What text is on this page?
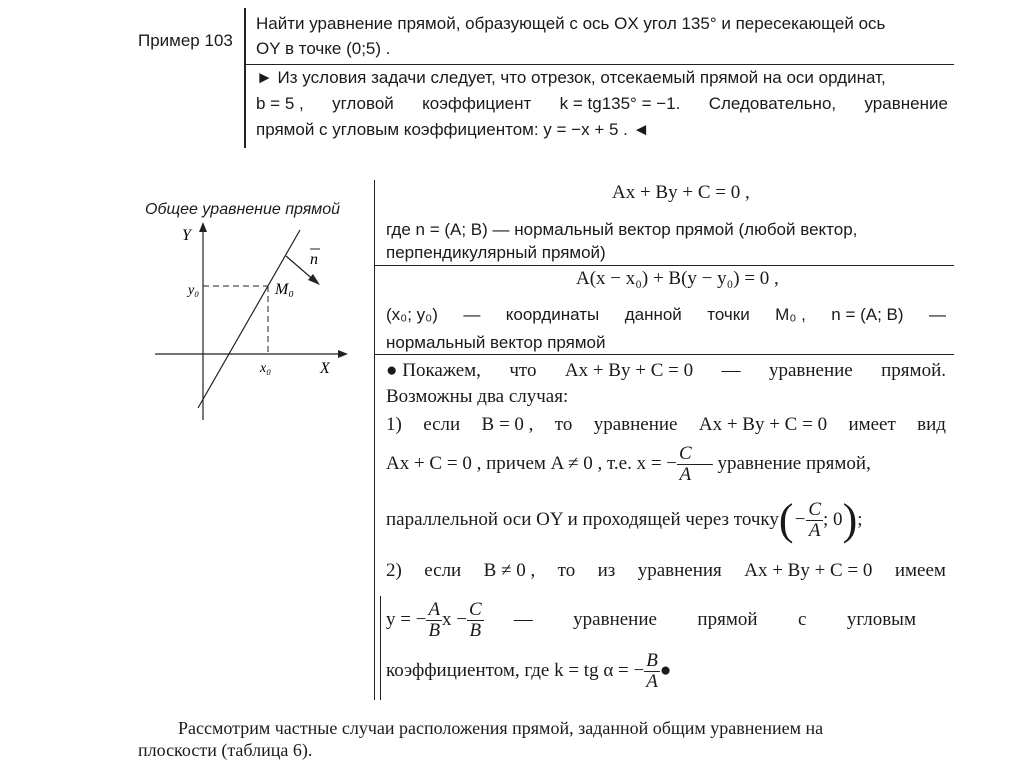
Пример 103
Найти уравнение прямой, образующей с ось OX угол 135° и пересекающей ось
OY в точке (0;5) .
► Из условия задачи следует, что отрезок, отсекаемый прямой на оси ординат,
b = 5 , угловой коэффициент k = tg135° = −1. Следовательно, уравнение
прямой с угловым коэффициентом: y = −x + 5 . ◄
Общее уравнение прямой
Y
X
y₀
x₀
M₀
n
Ax + By + C = 0 ,
где n = (A; B) — нормальный вектор прямой (любой вектор,
перпендикулярный прямой)
A(x − x₀) + B(y − y₀) = 0 ,
(x₀; y₀) — координаты данной точки M₀ , n = (A; B) —
нормальный вектор прямой
● Покажем, что Ax + By + C = 0 — уравнение прямой.
Возможны два случая:
1) если B = 0 , то уравнение Ax + By + C = 0 имеет вид
Ax + C = 0 , причем A ≠ 0 , т.е. x = − $\frac{C}{A}$ — уравнение прямой,
параллельной оси OY и проходящей через точку ( − $\frac{C}{A}$ ; 0 ) ;
2) если B ≠ 0 , то из уравнения Ax + By + C = 0 имеем
y = − $\frac{A}{B}$ $x - \frac{C}{B}$ — уравнение прямой с угловым
коэффициентом, где k = tg α = − $\frac{B}{A}$ ●
Рассмотрим частные случаи расположения прямой, заданной общим уравнением на
плоскости (таблица 6).
